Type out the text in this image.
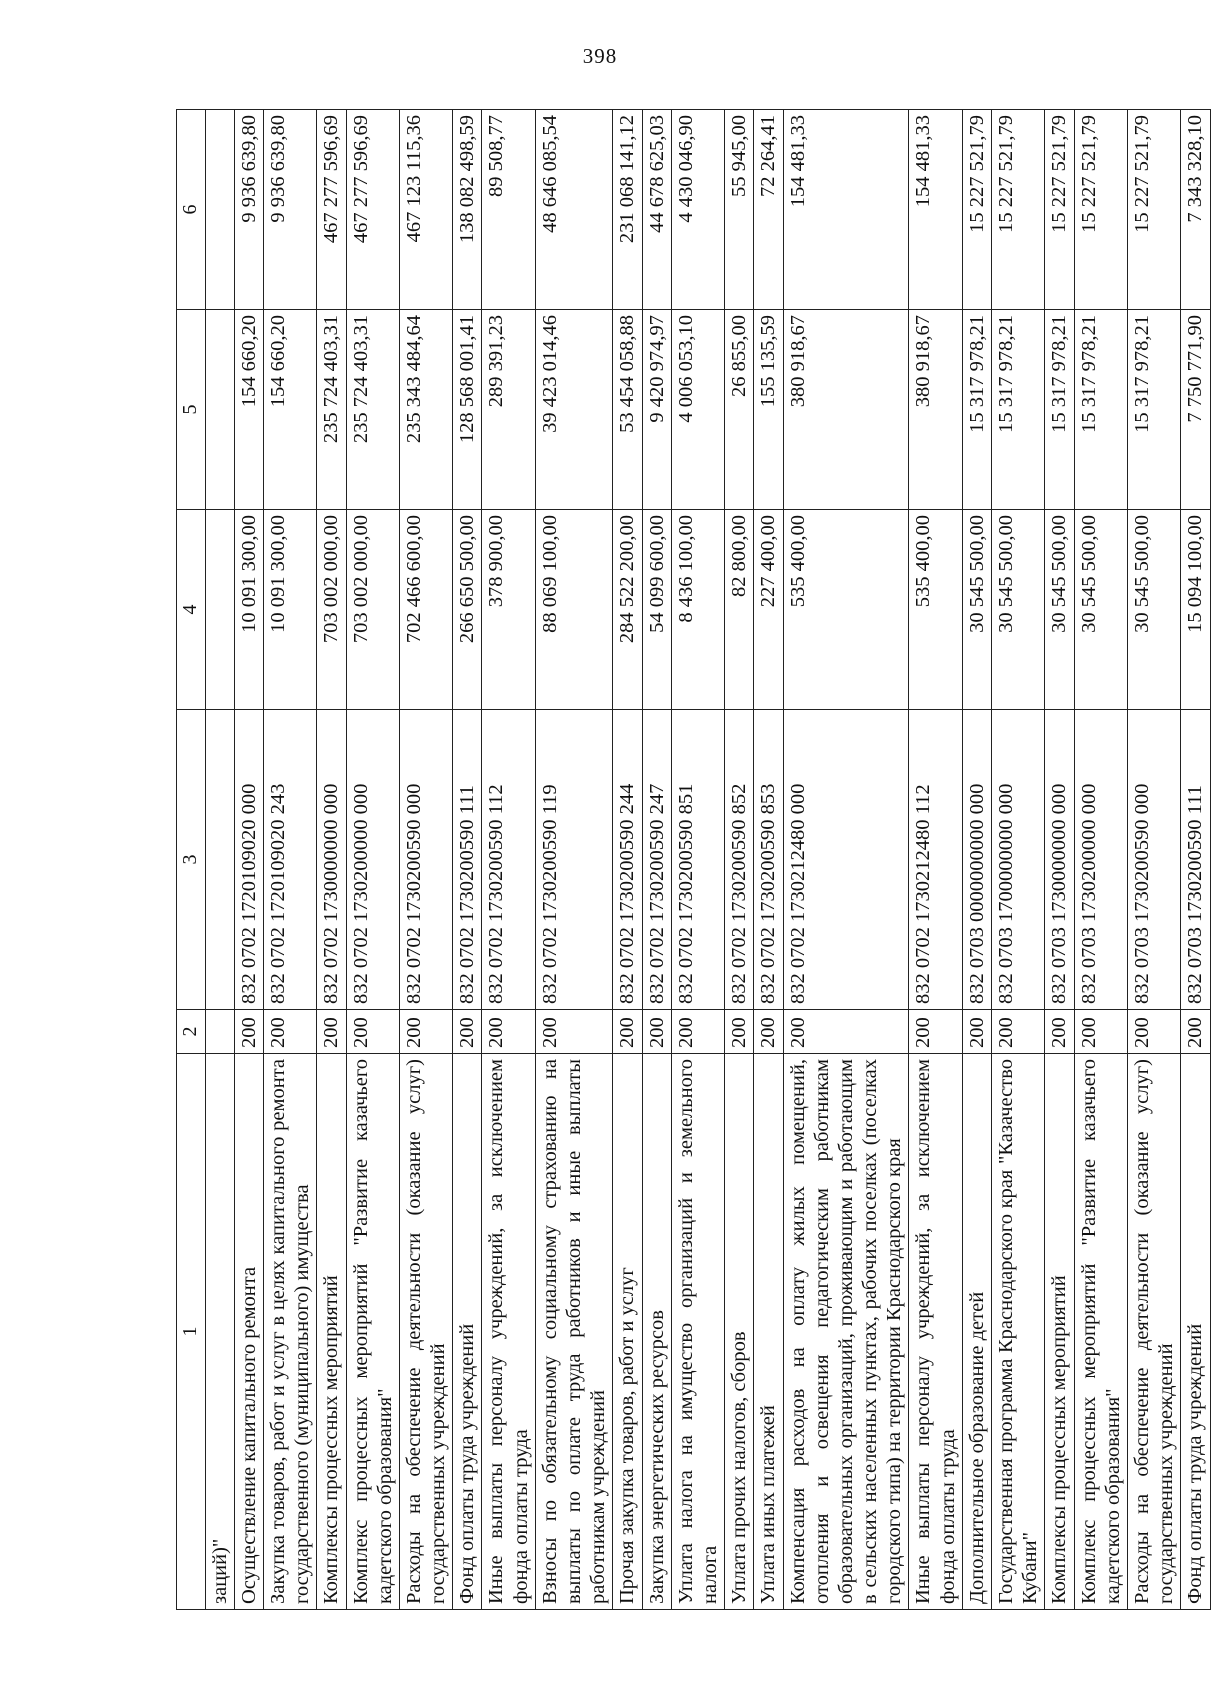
398
1	2	3	4	5	6
заций)"					
Осуществление капитального ремонта	200	832 0702 1720109020 000	10 091 300,00	154 660,20	9 936 639,80
Закупка товаров, работ и услуг в целях капитального ремонта государственного (муниципального) имущества	200	832 0702 1720109020 243	10 091 300,00	154 660,20	9 936 639,80
Комплексы процессных мероприятий	200	832 0702 1730000000 000	703 002 000,00	235 724 403,31	467 277 596,69
Комплекс процессных мероприятий "Развитие казачьего кадетского образования"	200	832 0702 1730200000 000	703 002 000,00	235 724 403,31	467 277 596,69
Расходы на обеспечение деятельности (оказание услуг) государственных учреждений	200	832 0702 1730200590 000	702 466 600,00	235 343 484,64	467 123 115,36
Фонд оплаты труда учреждений	200	832 0702 1730200590 111	266 650 500,00	128 568 001,41	138 082 498,59
Иные выплаты персоналу учреждений, за исключением фонда оплаты труда	200	832 0702 1730200590 112	378 900,00	289 391,23	89 508,77
Взносы по обязательному социальному страхованию на выплаты по оплате труда работников и иные выплаты работникам учреждений	200	832 0702 1730200590 119	88 069 100,00	39 423 014,46	48 646 085,54
Прочая закупка товаров, работ и услуг	200	832 0702 1730200590 244	284 522 200,00	53 454 058,88	231 068 141,12
Закупка энергетических ресурсов	200	832 0702 1730200590 247	54 099 600,00	9 420 974,97	44 678 625,03
Уплата налога на имущество организаций и земельного налога	200	832 0702 1730200590 851	8 436 100,00	4 006 053,10	4 430 046,90
Уплата прочих налогов, сборов	200	832 0702 1730200590 852	82 800,00	26 855,00	55 945,00
Уплата иных платежей	200	832 0702 1730200590 853	227 400,00	155 135,59	72 264,41
Компенсация расходов на оплату жилых помещений, отопления и освещения педагогическим работникам образовательных организаций, проживающим и работающим в сельских населенных пунктах, рабочих поселках (поселках городского типа) на территории Краснодарского края	200	832 0702 1730212480 000	535 400,00	380 918,67	154 481,33
Иные выплаты персоналу учреждений, за исключением фонда оплаты труда	200	832 0702 1730212480 112	535 400,00	380 918,67	154 481,33
Дополнительное образование детей	200	832 0703 0000000000 000	30 545 500,00	15 317 978,21	15 227 521,79
Государственная программа Краснодарского края "Казачество Кубани"	200	832 0703 1700000000 000	30 545 500,00	15 317 978,21	15 227 521,79
Комплексы процессных мероприятий	200	832 0703 1730000000 000	30 545 500,00	15 317 978,21	15 227 521,79
Комплекс процессных мероприятий "Развитие казачьего кадетского образования"	200	832 0703 1730200000 000	30 545 500,00	15 317 978,21	15 227 521,79
Расходы на обеспечение деятельности (оказание услуг) государственных учреждений	200	832 0703 1730200590 000	30 545 500,00	15 317 978,21	15 227 521,79
Фонд оплаты труда учреждений	200	832 0703 1730200590 111	15 094 100,00	7 750 771,90	7 343 328,10
